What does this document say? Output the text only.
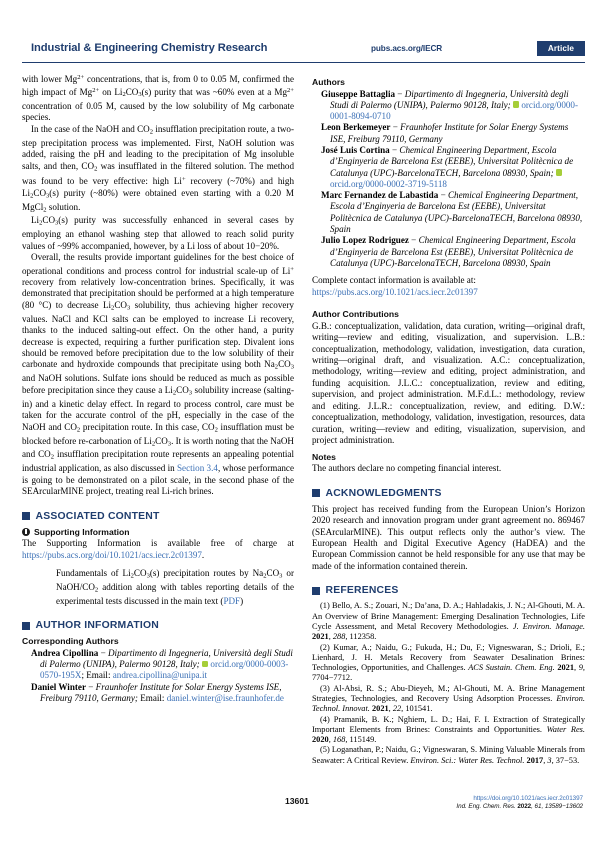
Industrial & Engineering Chemistry Research	pubs.acs.org/IECR	Article

with lower $Mg^{2+}$ concentrations, that is, from 0 to 0.05 M, confirmed the high impact of $Mg^{2+}$ on $Li_2CO_3(s)$ purity that was ~60% even at a $Mg^{2+}$ concentration of 0.05 M, caused by the low solubility of Mg carbonate species.

In the case of the NaOH and $CO_2$ insufflation precipitation route, a two-step precipitation process was implemented. First, NaOH solution was added, raising the pH and leading to the precipitation of Mg insoluble salts, and then, $CO_2$ was insufflated in the filtered solution. The method was found to be very effective: high Li+ recovery (~70%) and high $Li_2CO_3(s)$ purity (~80%) were obtained even starting with a 0.20 M MgCl$_2$ solution.

$Li_2CO_3(s)$ purity was successfully enhanced in several cases by employing an ethanol washing step that allowed to reach solid purity values of ~99% accompanied, however, by a Li loss of about 10−20%.

Overall, the results provide important guidelines for the best choice of operational conditions and process control for industrial scale-up of Li+ recovery from relatively low-concentration brines. Specifically, it was demonstrated that precipitation should be performed at a high temperature (80 °C) to decrease $Li_2CO_3$ solubility, thus achieving higher recovery values. NaCl and KCl salts can be employed to increase Li recovery, thanks to the induced salting-out effect. On the other hand, a purity decrease is expected, requiring a further purification step. Divalent ions should be removed before precipitation due to the low solubility of their carbonate and hydroxide compounds that precipitate using both $Na_2CO_3$ and NaOH solutions. Sulfate ions should be reduced as much as possible before precipitation since they cause a $Li_2CO_3$ solubility increase (salting-in) and a kinetic delay effect. In regard to process control, care must be taken for the accurate control of the pH, especially in the case of the NaOH and $CO_2$ precipitation route. In this case, $CO_2$ insufflation must be blocked before re-carbonation of $Li_2CO_3$. It is worth noting that the NaOH and $CO_2$ insufflation precipitation route represents an appealing potential industrial application, as also discussed in Section 3.4, whose performance is going to be demonstrated on a pilot scale, in the second phase of the SEArcularMINE project, treating real Li-rich brines.

ASSOCIATED CONTENT
Supporting Information

The Supporting Information is available free of charge at https://pubs.acs.org/doi/10.1021/acs.iecr.2c01397.

Fundamentals of $Li_2CO_3(s)$ precipitation routes by $Na_2CO_3$ or NaOH/$CO_2$ addition along with tables reporting details of the experimental tests discussed in the main text (PDF)
AUTHOR INFORMATION
Corresponding Authors

Andrea Cipollina − Dipartimento di Ingegneria, Università degli Studi di Palermo (UNIPA), Palermo 90128, Italy; orcid.org/0000-0003-0570-195X; Email: andrea.cipollina@unipa.it

Daniel Winter − Fraunhofer Institute for Solar Energy Systems ISE, Freiburg 79110, Germany; Email: daniel.winter@ise.fraunhofer.de

Authors

Giuseppe Battaglia − Dipartimento di Ingegneria, Università degli Studi di Palermo (UNIPA), Palermo 90128, Italy; orcid.org/0000-0001-8094-0710

Leon Berkemeyer − Fraunhofer Institute for Solar Energy Systems ISE, Freiburg 79110, Germany

José Luis Cortina − Chemical Engineering Department, Escola d’Enginyeria de Barcelona Est (EEBE), Universitat Politècnica de Catalunya (UPC)-BarcelonaTECH, Barcelona 08930, Spain; orcid.org/0000-0002-3719-5118

Marc Fernandez de Labastida − Chemical Engineering Department, Escola d’Enginyeria de Barcelona Est (EEBE), Universitat Politècnica de Catalunya (UPC)-BarcelonaTECH, Barcelona 08930, Spain

Julio Lopez Rodriguez − Chemical Engineering Department, Escola d’Enginyeria de Barcelona Est (EEBE), Universitat Politècnica de Catalunya (UPC)-BarcelonaTECH, Barcelona 08930, Spain

Complete contact information is available at:

https://pubs.acs.org/10.1021/acs.iecr.2c01397

Author Contributions

G.B.: conceptualization, validation, data curation, writing—original draft, writing—review and editing, visualization, and supervision. L.B.: conceptualization, methodology, validation, investigation, data curation, writing—original draft, and visualization. A.C.: conceptualization, methodology, writing—review and editing, project administration, and funding acquisition. J.L.C.: conceptualization, review and editing, supervision, and project administration. M.F.d.L.: methodology, review and editing. J.L.R.: conceptualization, review, and editing. D.W.: conceptualization, methodology, validation, investigation, resources, data curation, writing—review and editing, visualization, supervision, and project administration.

Notes

The authors declare no competing financial interest.

ACKNOWLEDGMENTS

This project has received funding from the European Union’s Horizon 2020 research and innovation program under grant agreement no. 869467 (SEArcularMINE). This output reflects only the author’s view. The European Health and Digital Executive Agency (HaDEA) and the European Commission cannot be held responsible for any use that may be made of the information contained therein.

REFERENCES

(1) Bello, A. S.; Zouari, N.; Da’ana, D. A.; Hahladakis, J. N.; Al-Ghouti, M. A. An Overview of Brine Management: Emerging Desalination Technologies, Life Cycle Assessment, and Metal Recovery Methodologies. J. Environ. Manage. 2021, 288, 112358.

(2) Kumar, A.; Naidu, G.; Fukuda, H.; Du, F.; Vigneswaran, S.; Drioli, E.; Lienhard, J. H. Metals Recovery from Seawater Desalination Brines: Technologies, Opportunities, and Challenges. ACS Sustain. Chem. Eng. 2021, 9, 7704−7712.

(3) Al-Absi, R. S.; Abu-Dieyeh, M.; Al-Ghouti, M. A. Brine Management Strategies, Technologies, and Recovery Using Adsorption Processes. Environ. Technol. Innovat. 2021, 22, 101541.

(4) Pramanik, B. K.; Nghiem, L. D.; Hai, F. I. Extraction of Strategically Important Elements from Brines: Constraints and Opportunities. Water Res. 2020, 168, 115149.

(5) Loganathan, P.; Naidu, G.; Vigneswaran, S. Mining Valuable Minerals from Seawater: A Critical Review. Environ. Sci.: Water Res. Technol. 2017, 3, 37−53.

13601	https://doi.org/10.1021/acs.iecr.2c01397
Ind. Eng. Chem. Res. 2022, 61, 13589−13602
